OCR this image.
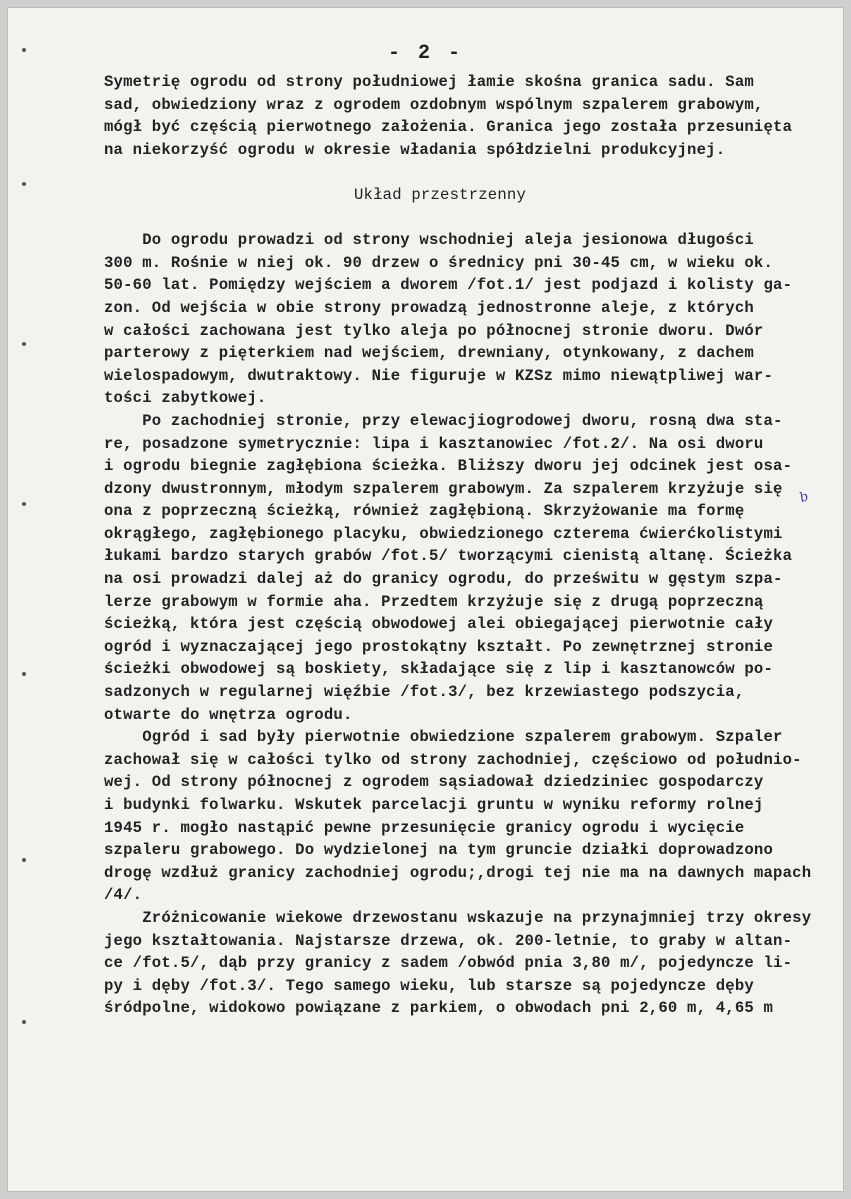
- 2 -
b
Symetrię ogrodu od strony południowej łamie skośna granica sadu. Sam
sad, obwiedziony wraz z ogrodem ozdobnym wspólnym szpalerem grabowym,
mógł być częścią pierwotnego założenia. Granica jego została przesunięta
na niekorzyść ogrodu w okresie władania spółdzielni produkcyjnej.
Układ przestrzenny
Do ogrodu prowadzi od strony wschodniej aleja jesionowa długości
300 m. Rośnie w niej ok. 90 drzew o średnicy pni 30-45 cm, w wieku ok.
50-60 lat. Pomiędzy wejściem a dworem /fot.1/ jest podjazd i kolisty ga-
zon. Od wejścia w obie strony prowadzą jednostronne aleje, z których
w całości zachowana jest tylko aleja po północnej stronie dworu. Dwór
parterowy z pięterkiem nad wejściem, drewniany, otynkowany, z dachem
wielospadowym, dwutraktowy. Nie figuruje w KZSz mimo niewątpliwej war-
tości zabytkowej.
Po zachodniej stronie, przy elewacjiogrodowej dworu, rosną dwa sta-
re, posadzone symetrycznie: lipa i kasztanowiec /fot.2/. Na osi dworu
i ogrodu biegnie zagłębiona ścieżka. Bliższy dworu jej odcinek jest osa-
dzony dwustronnym, młodym szpalerem grabowym. Za szpalerem krzyżuje się
ona z poprzeczną ścieżką, również zagłębioną. Skrzyżowanie ma formę
okrągłego, zagłębionego placyku, obwiedzionego czterema ćwierćkolistymi
łukami bardzo starych grabów /fot.5/ tworzącymi cienistą altanę. Ścieżka
na osi prowadzi dalej aż do granicy ogrodu, do prześwitu w gęstym szpa-
lerze grabowym w formie aha. Przedtem krzyżuje się z drugą poprzeczną
ścieżką, która jest częścią obwodowej alei obiegającej pierwotnie cały
ogród i wyznaczającej jego prostokątny kształt. Po zewnętrznej stronie
ścieżki obwodowej są boskiety, składające się z lip i kasztanowców po-
sadzonych w regularnej więźbie /fot.3/, bez krzewiastego podszycia,
otwarte do wnętrza ogrodu.
Ogród i sad były pierwotnie obwiedzione szpalerem grabowym. Szpaler
zachował się w całości tylko od strony zachodniej, częściowo od południo-
wej. Od strony północnej z ogrodem sąsiadował dziedziniec gospodarczy
i budynki folwarku. Wskutek parcelacji gruntu w wyniku reformy rolnej
1945 r. mogło nastąpić pewne przesunięcie granicy ogrodu i wycięcie
szpaleru grabowego. Do wydzielonej na tym gruncie działki doprowadzono
drogę wzdłuż granicy zachodniej ogrodu;,drogi tej nie ma na dawnych mapach
/4/.
Zróżnicowanie wiekowe drzewostanu wskazuje na przynajmniej trzy okresy
jego kształtowania. Najstarsze drzewa, ok. 200-letnie, to graby w altan-
ce /fot.5/, dąb przy granicy z sadem /obwód pnia 3,80 m/, pojedyncze li-
py i dęby /fot.3/. Tego samego wieku, lub starsze są pojedyncze dęby
śródpolne, widokowo powiązane z parkiem, o obwodach pni 2,60 m, 4,65 m
